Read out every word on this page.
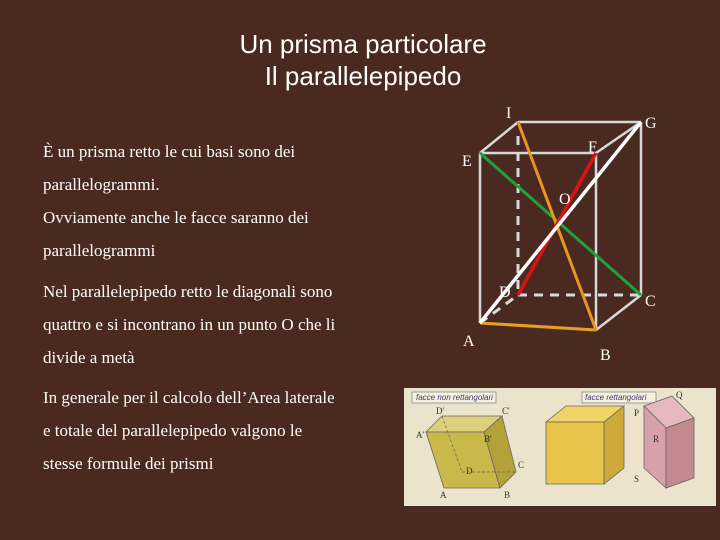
Un prisma particolare
Il parallelepipedo
È un prisma retto le cui basi sono dei
parallelogrammi.
Ovviamente anche le facce saranno dei
parallelogrammi
Nel parallelepipedo retto le diagonali sono
quattro e si incontrano in un punto O che li
divide a metà
In generale per il calcolo dell’Area laterale
e totale del parallelepipedo valgono le
stesse formule dei prismi
I
G
F
E
O
D
C
A
B
facce non rettangolari	facce rettangolari
D'	C'
A'	B'
D
C
A	B
Q
P
R
S
